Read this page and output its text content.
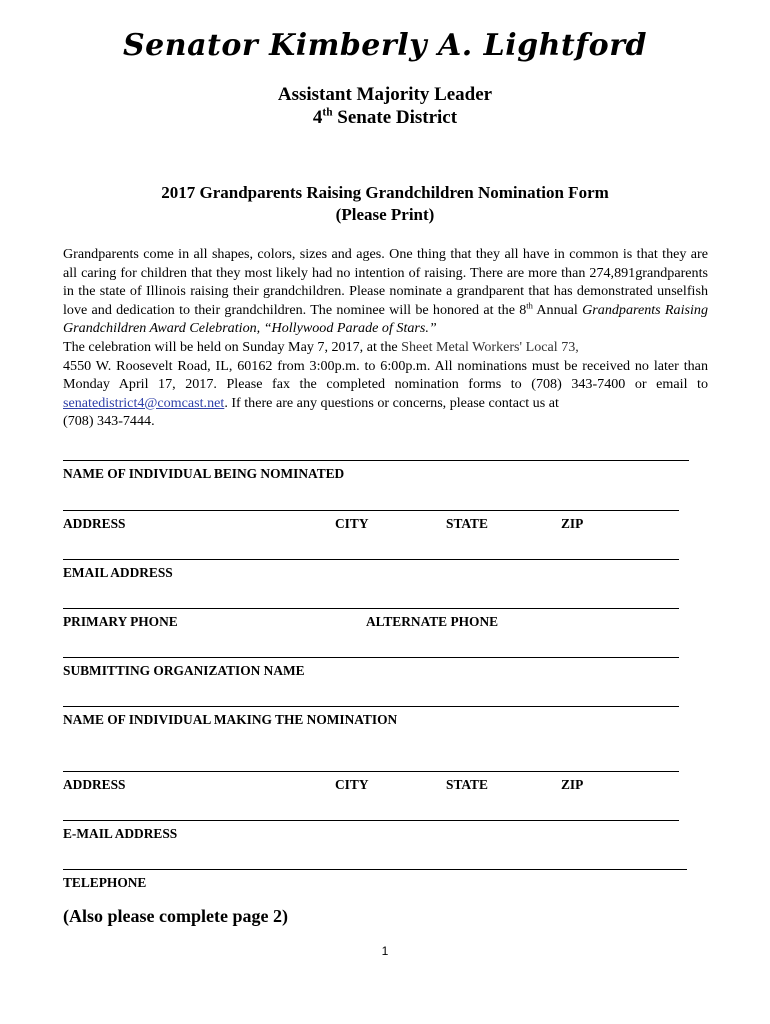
Senator Kimberly A. Lightford
Assistant Majority Leader
4th Senate District
2017 Grandparents Raising Grandchildren Nomination Form
(Please Print)
Grandparents come in all shapes, colors, sizes and ages. One thing that they all have in common is that they are all caring for children that they most likely had no intention of raising. There are more than 274,891grandparents in the state of Illinois raising their grandchildren. Please nominate a grandparent that has demonstrated unselfish love and dedication to their grandchildren. The nominee will be honored at the 8th Annual Grandparents Raising Grandchildren Award Celebration, “Hollywood Parade of Stars.”
The celebration will be held on Sunday May 7, 2017, at the Sheet Metal Workers' Local 73,
4550 W. Roosevelt Road, IL, 60162 from 3:00p.m. to 6:00p.m. All nominations must be received no later than Monday April 17, 2017. Please fax the completed nomination forms to (708) 343-7400 or email to senatedistrict4@comcast.net. If there are any questions or concerns, please contact us at
(708) 343-7444.
NAME OF INDIVIDUAL BEING NOMINATED
ADDRESS	CITY	STATE	ZIP
EMAIL ADDRESS
PRIMARY PHONE	ALTERNATE PHONE
SUBMITTING ORGANIZATION NAME
NAME OF INDIVIDUAL MAKING THE NOMINATION
ADDRESS	CITY	STATE	ZIP
E-MAIL ADDRESS
TELEPHONE
(Also please complete page 2)
1
